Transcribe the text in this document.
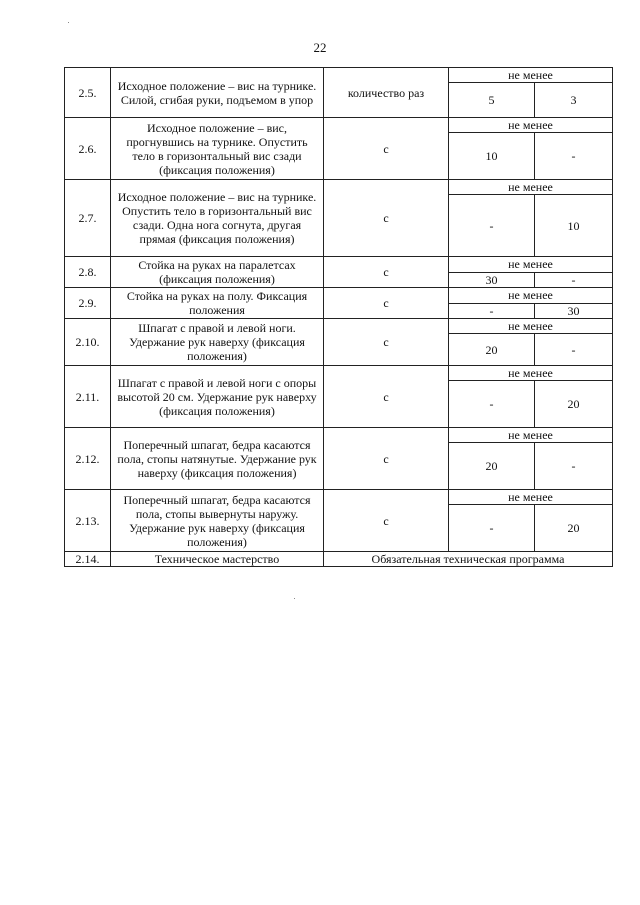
22
2.5.	Исходное положение – вис на турнике. Силой, сгибая руки, подъемом в упор	количество раз	не менее	
			5	3
2.6.	Исходное положение – вис, прогнувшись на турнике. Опустить тело в горизонтальный вис сзади (фиксация положения)	с	не менее	
			10	-
2.7.	Исходное положение – вис на турнике. Опустить тело в горизонтальный вис сзади. Одна нога согнута, другая прямая (фиксация положения)	с	не менее	
			-	10
2.8.	Стойка на руках на паралетсах (фиксация положения)	с	не менее	
			30	-
2.9.	Стойка на руках на полу. Фиксация положения	с	не менее	
			-	30
2.10.	Шпагат с правой и левой ноги. Удержание рук наверху (фиксация положения)	с	не менее	
			20	-
2.11.	Шпагат с правой и левой ноги с опоры высотой 20 см. Удержание рук наверху (фиксация положения)	с	не менее	
			-	20
2.12.	Поперечный шпагат, бедра касаются пола, стопы натянутые. Удержание рук наверху (фиксация положения)	с	не менее	
			20	-
2.13.	Поперечный шпагат, бедра касаются пола, стопы вывернуты наружу. Удержание рук наверху (фиксация положения)	с	не менее	
			-	20
2.14.	Техническое мастерство	Обязательная техническая программа		
